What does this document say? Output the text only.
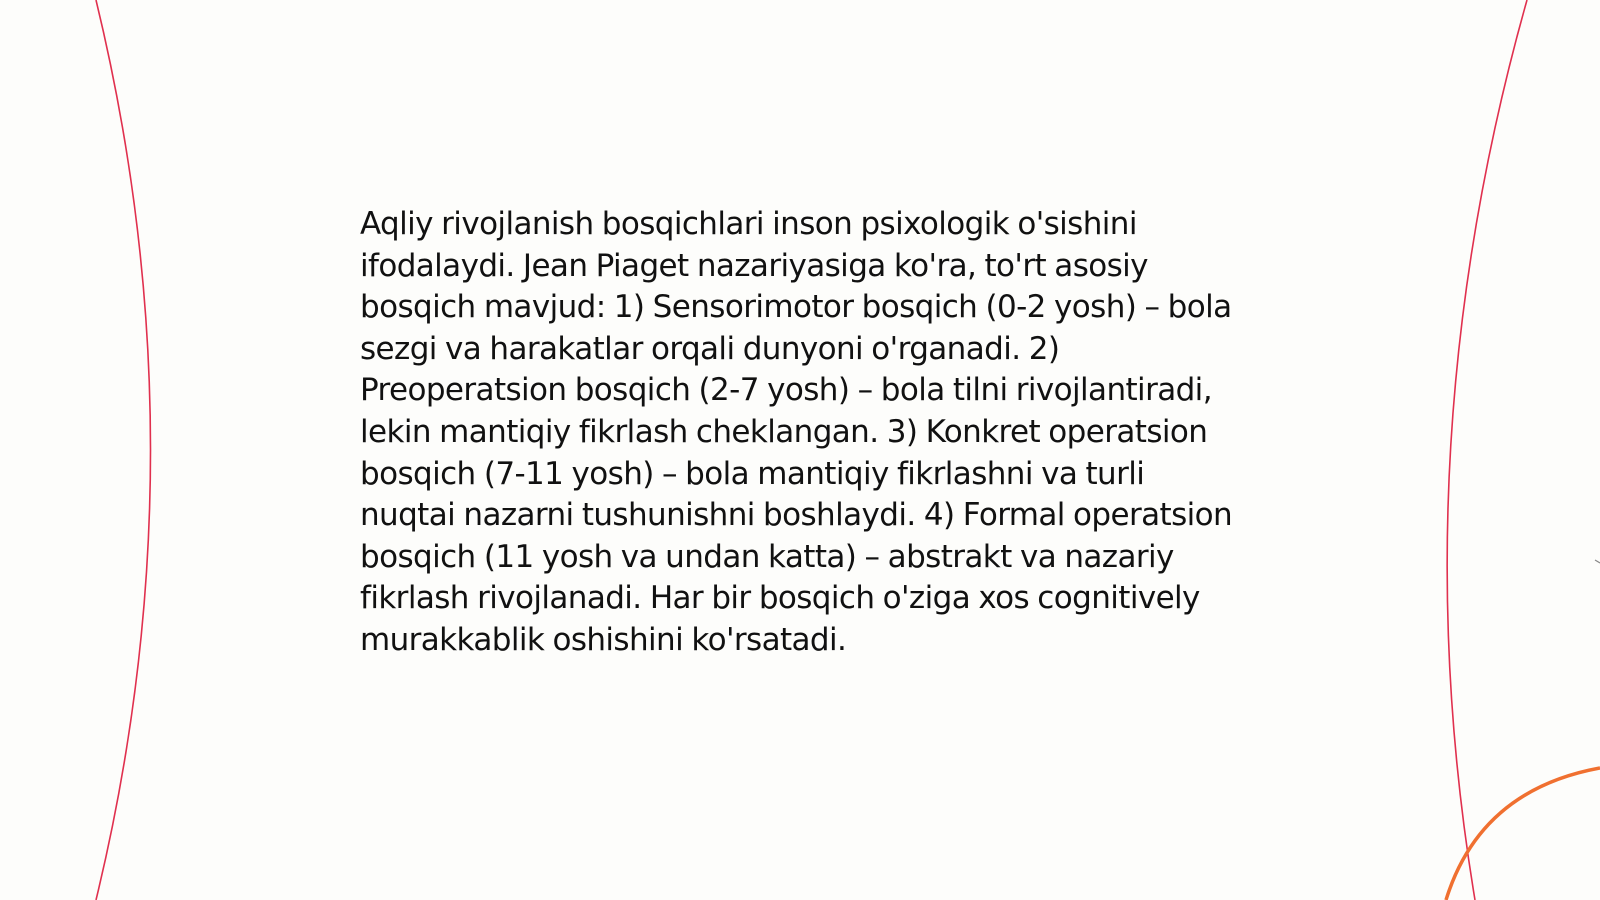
Aqliy rivojlanish bosqichlari inson psixologik o'sishini ifodalaydi. Jean Piaget nazariyasiga ko'ra, to'rt asosiy bosqich mavjud: 1) Sensorimotor bosqich (0-2 yosh) – bola sezgi va harakatlar orqali dunyoni o'rganadi. 2) Preoperatsion bosqich (2-7 yosh) – bola tilni rivojlantiradi, lekin mantiqiy fikrlash cheklangan. 3) Konkret operatsion bosqich (7-11 yosh) – bola mantiqiy fikrlashni va turli nuqtai nazarni tushunishni boshlaydi. 4) Formal operatsion bosqich (11 yosh va undan katta) – abstrakt va nazariy fikrlash rivojlanadi. Har bir bosqich o'ziga xos cognitively murakkablik oshishini ko'rsatadi.
